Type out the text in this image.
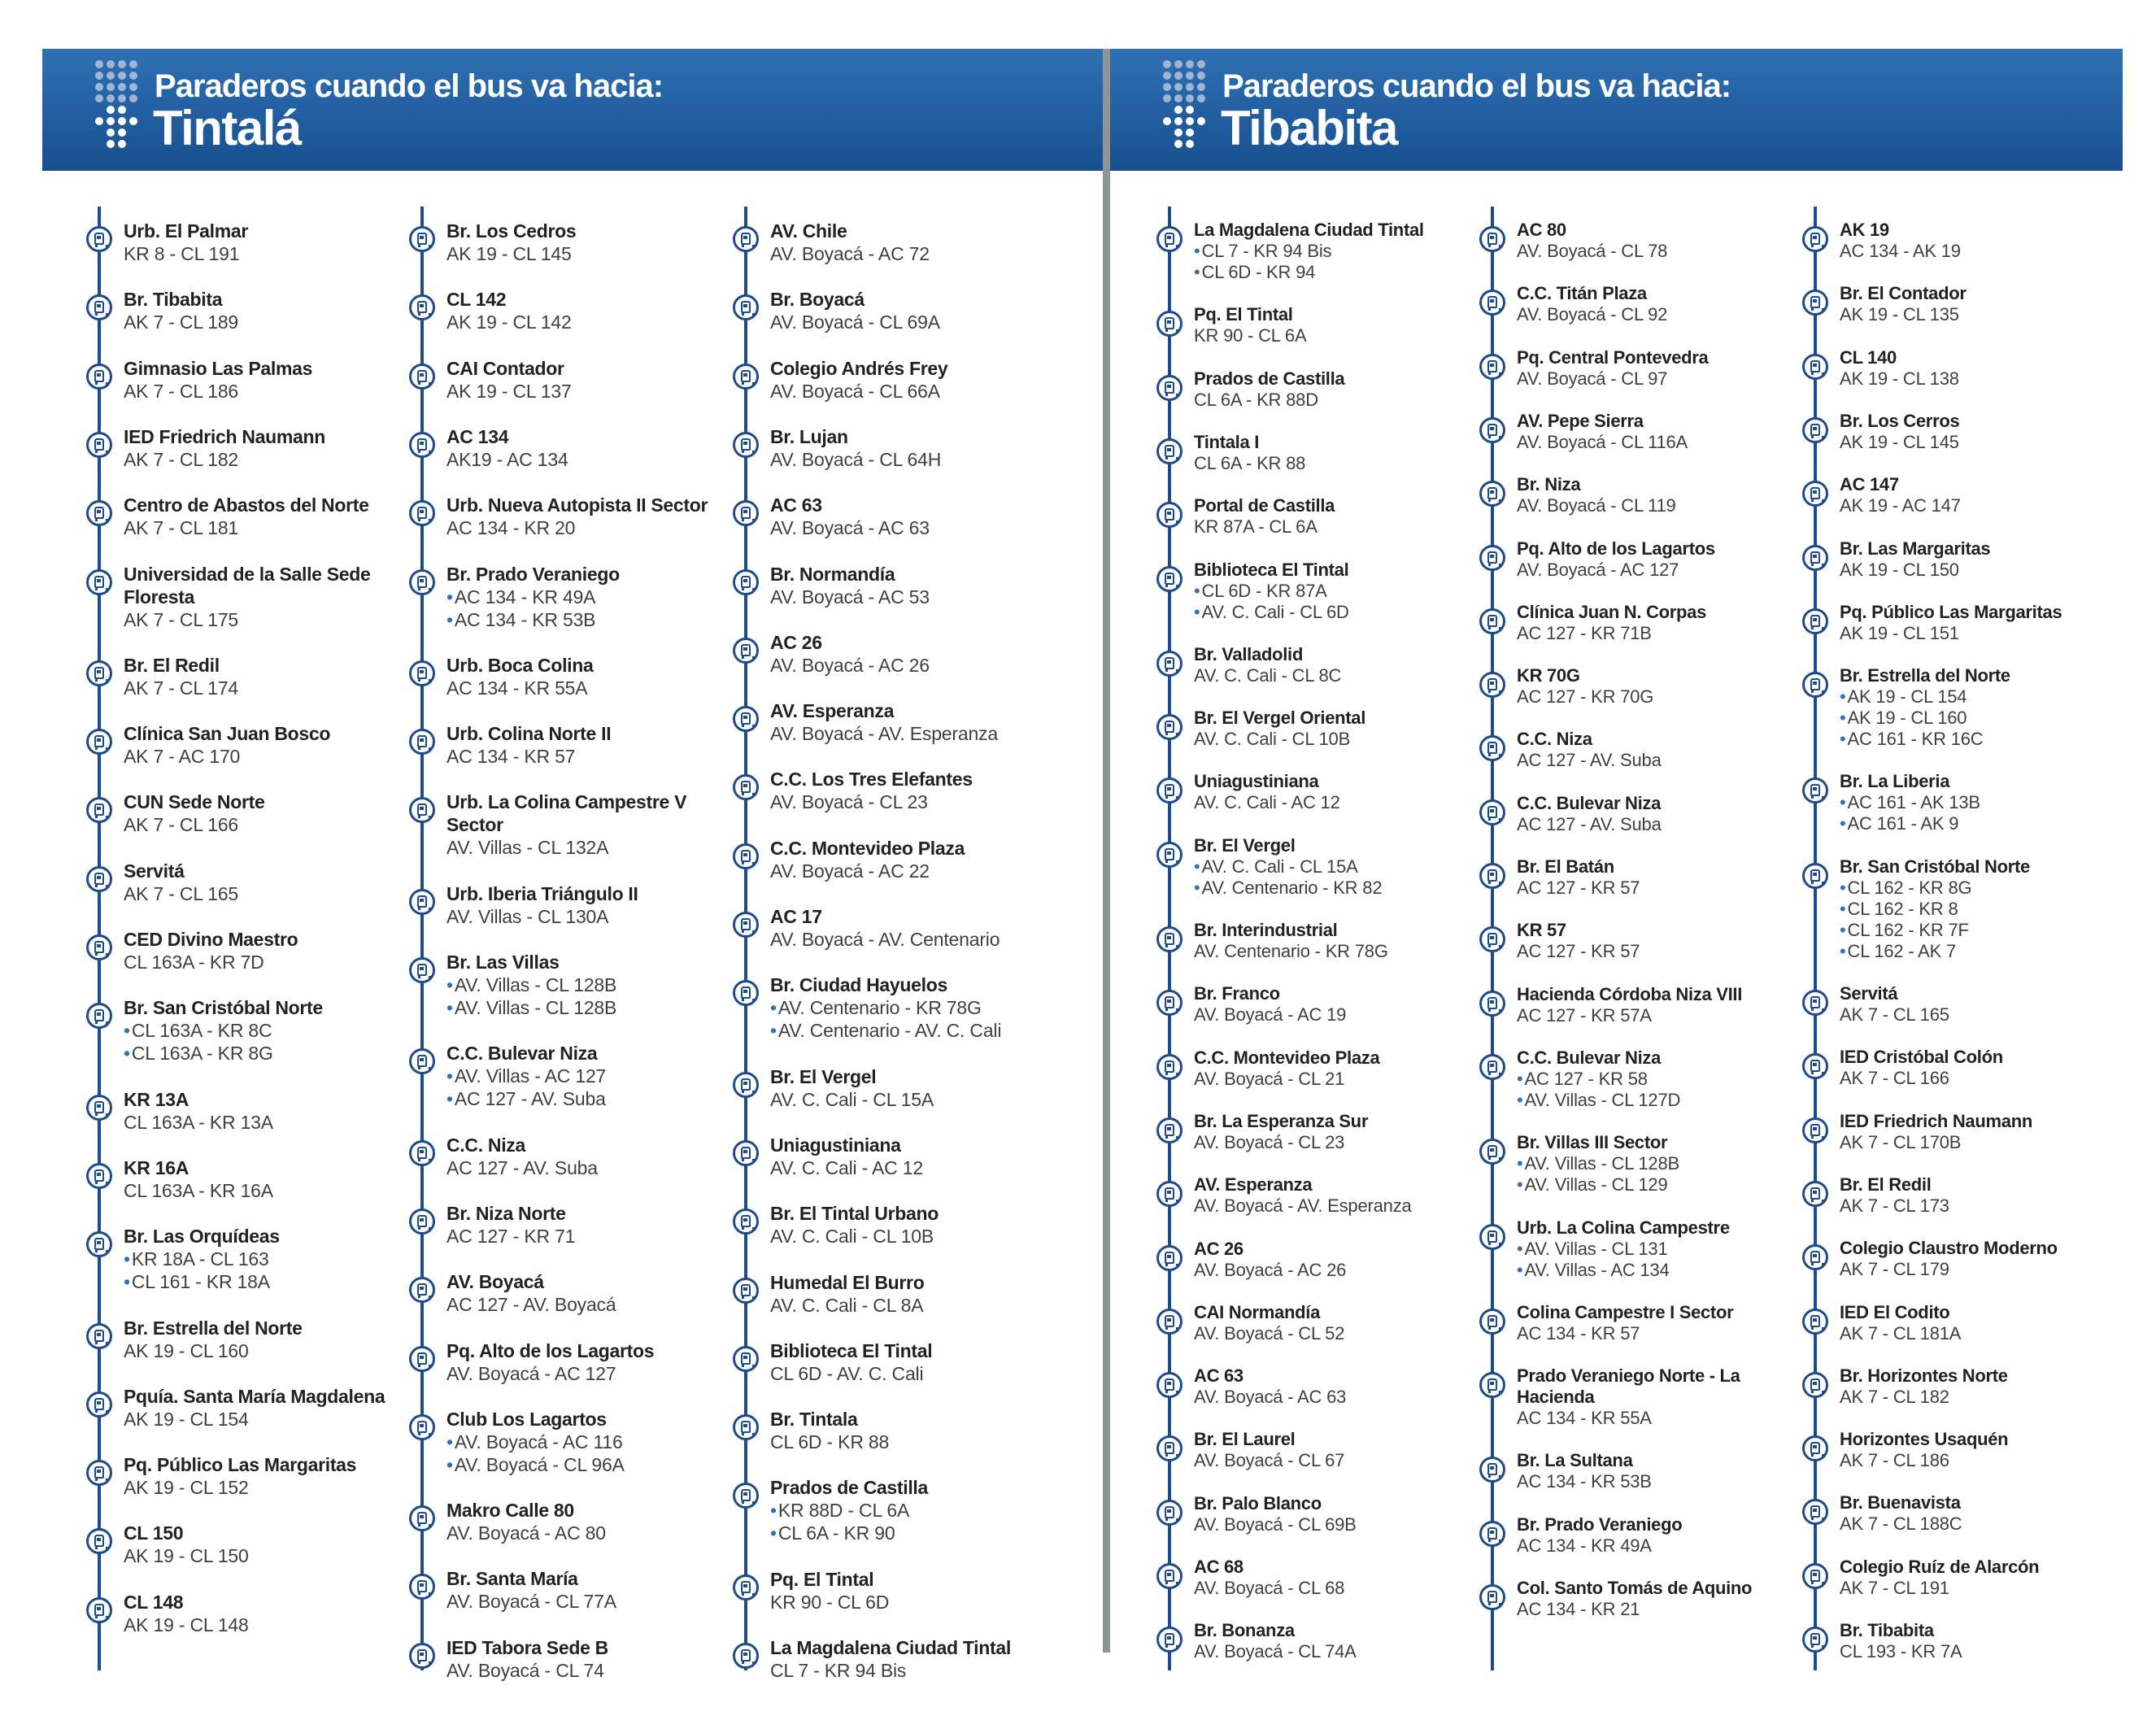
Paraderos cuando el bus va hacia:
Tintalá
Urb. El Palmar
KR 8 - CL 191
Br. Tibabita
AK 7 - CL 189
Gimnasio Las Palmas
AK 7 - CL 186
IED Friedrich Naumann
AK 7 - CL 182
Centro de Abastos del Norte
AK 7 - CL 181
Universidad de la Salle Sede Floresta
AK 7 - CL 175
Br. El Redil
AK 7 - CL 174
Clínica San Juan Bosco
AK 7 - AC 170
CUN Sede Norte
AK 7 - CL 166
Servitá
AK 7 - CL 165
CED Divino Maestro
CL 163A - KR 7D
Br. San Cristóbal Norte
• CL 163A - KR 8C
• CL 163A - KR 8G
KR 13A
CL 163A - KR 13A
KR 16A
CL 163A - KR 16A
Br. Las Orquídeas
• KR 18A - CL 163
• CL 161 - KR 18A
Br. Estrella del Norte
AK 19 - CL 160
Pquía. Santa María Magdalena
AK 19 - CL 154
Pq. Público Las Margaritas
AK 19 - CL 152
CL 150
AK 19 - CL 150
CL 148
AK 19 - CL 148
Br. Los Cedros
AK 19 - CL 145
CL 142
AK 19 - CL 142
CAI Contador
AK 19 - CL 137
AC 134
AK19 - AC 134
Urb. Nueva Autopista II Sector
AC 134 - KR 20
Br. Prado Veraniego
• AC 134 - KR 49A
• AC 134 - KR 53B
Urb. Boca Colina
AC 134 - KR 55A
Urb. Colina Norte II
AC 134 - KR 57
Urb. La Colina Campestre V Sector
AV. Villas - CL 132A
Urb. Iberia Triángulo II
AV. Villas - CL 130A
Br. Las Villas
• AV. Villas - CL 128B
• AV. Villas - CL 128B
C.C. Bulevar Niza
• AV. Villas - AC 127
• AC 127 - AV. Suba
C.C. Niza
AC 127 - AV. Suba
Br. Niza Norte
AC 127 - KR 71
AV. Boyacá
AC 127 - AV. Boyacá
Pq. Alto de los Lagartos
AV. Boyacá - AC 127
Club Los Lagartos
• AV. Boyacá - AC 116
• AV. Boyacá - CL 96A
Makro Calle 80
AV. Boyacá - AC 80
Br. Santa María
AV. Boyacá - CL 77A
IED Tabora Sede B
AV. Boyacá - CL 74
AV. Chile
AV. Boyacá - AC 72
Br. Boyacá
AV. Boyacá - CL 69A
Colegio Andrés Frey
AV. Boyacá - CL 66A
Br. Lujan
AV. Boyacá - CL 64H
AC 63
AV. Boyacá - AC 63
Br. Normandía
AV. Boyacá - AC 53
AC 26
AV. Boyacá - AC 26
AV. Esperanza
AV. Boyacá - AV. Esperanza
C.C. Los Tres Elefantes
AV. Boyacá - CL 23
C.C. Montevideo Plaza
AV. Boyacá - AC 22
AC 17
AV. Boyacá - AV. Centenario
Br. Ciudad Hayuelos
• AV. Centenario - KR 78G
• AV. Centenario - AV. C. Cali
Br. El Vergel
AV. C. Cali - CL 15A
Uniagustiniana
AV. C. Cali - AC 12
Br. El Tintal Urbano
AV. C. Cali - CL 10B
Humedal El Burro
AV. C. Cali - CL 8A
Biblioteca El Tintal
CL 6D - AV. C. Cali
Br. Tintala
CL 6D - KR 88
Prados de Castilla
• KR 88D - CL 6A
• CL 6A - KR 90
Pq. El Tintal
KR 90 - CL 6D
La Magdalena Ciudad Tintal
CL 7 - KR 94 Bis
Paraderos cuando el bus va hacia:
Tibabita
La Magdalena Ciudad Tintal
• CL 7 - KR 94 Bis
• CL 6D - KR 94
Pq. El Tintal
KR 90 - CL 6A
Prados de Castilla
CL 6A - KR 88D
Tintala I
CL 6A - KR 88
Portal de Castilla
KR 87A - CL 6A
Biblioteca El Tintal
• CL 6D - KR 87A
• AV. C. Cali - CL 6D
Br. Valladolid
AV. C. Cali - CL 8C
Br. El Vergel Oriental
AV. C. Cali - CL 10B
Uniagustiniana
AV. C. Cali - AC 12
Br. El Vergel
• AV. C. Cali - CL 15A
• AV. Centenario - KR 82
Br. Interindustrial
AV. Centenario - KR 78G
Br. Franco
AV. Boyacá - AC 19
C.C. Montevideo Plaza
AV. Boyacá - CL 21
Br. La Esperanza Sur
AV. Boyacá - CL 23
AV. Esperanza
AV. Boyacá - AV. Esperanza
AC 26
AV. Boyacá - AC 26
CAI Normandía
AV. Boyacá - CL 52
AC 63
AV. Boyacá - AC 63
Br. El Laurel
AV. Boyacá - CL 67
Br. Palo Blanco
AV. Boyacá - CL 69B
AC 68
AV. Boyacá - CL 68
Br. Bonanza
AV. Boyacá - CL 74A
AC 80
AV. Boyacá - CL 78
C.C. Titán Plaza
AV. Boyacá - CL 92
Pq. Central Pontevedra
AV. Boyacá - CL 97
AV. Pepe Sierra
AV. Boyacá - CL 116A
Br. Niza
AV. Boyacá - CL 119
Pq. Alto de los Lagartos
AV. Boyacá - AC 127
Clínica Juan N. Corpas
AC 127 - KR 71B
KR 70G
AC 127 - KR 70G
C.C. Niza
AC 127 - AV. Suba
C.C. Bulevar Niza
AC 127 - AV. Suba
Br. El Batán
AC 127 - KR 57
KR 57
AC 127 - KR 57
Hacienda Córdoba Niza VIII
AC 127 - KR 57A
C.C. Bulevar Niza
• AC 127 - KR 58
• AV. Villas - CL 127D
Br. Villas III Sector
• AV. Villas - CL 128B
• AV. Villas - CL 129
Urb. La Colina Campestre
• AV. Villas - CL 131
• AV. Villas - AC 134
Colina Campestre I Sector
AC 134 - KR 57
Prado Veraniego Norte - La Hacienda
AC 134 - KR 55A
Br. La Sultana
AC 134 - KR 53B
Br. Prado Veraniego
AC 134 - KR 49A
Col. Santo Tomás de Aquino
AC 134 - KR 21
AK 19
AC 134 - AK 19
Br. El Contador
AK 19 - CL 135
CL 140
AK 19 - CL 138
Br. Los Cerros
AK 19 - CL 145
AC 147
AK 19 - AC 147
Br. Las Margaritas
AK 19 - CL 150
Pq. Público Las Margaritas
AK 19 - CL 151
Br. Estrella del Norte
• AK 19 - CL 154
• AK 19 - CL 160
• AC 161 - KR 16C
Br. La Liberia
• AC 161 - AK 13B
• AC 161 - AK 9
Br. San Cristóbal Norte
• CL 162 - KR 8G
• CL 162 - KR 8
• CL 162 - KR 7F
• CL 162 - AK 7
Servitá
AK 7 - CL 165
IED Cristóbal Colón
AK 7 - CL 166
IED Friedrich Naumann
AK 7 - CL 170B
Br. El Redil
AK 7 - CL 173
Colegio Claustro Moderno
AK 7 - CL 179
IED El Codito
AK 7 - CL 181A
Br. Horizontes Norte
AK 7 - CL 182
Horizontes Usaquén
AK 7 - CL 186
Br. Buenavista
AK 7 - CL 188C
Colegio Ruíz de Alarcón
AK 7 - CL 191
Br. Tibabita
CL 193 - KR 7A
